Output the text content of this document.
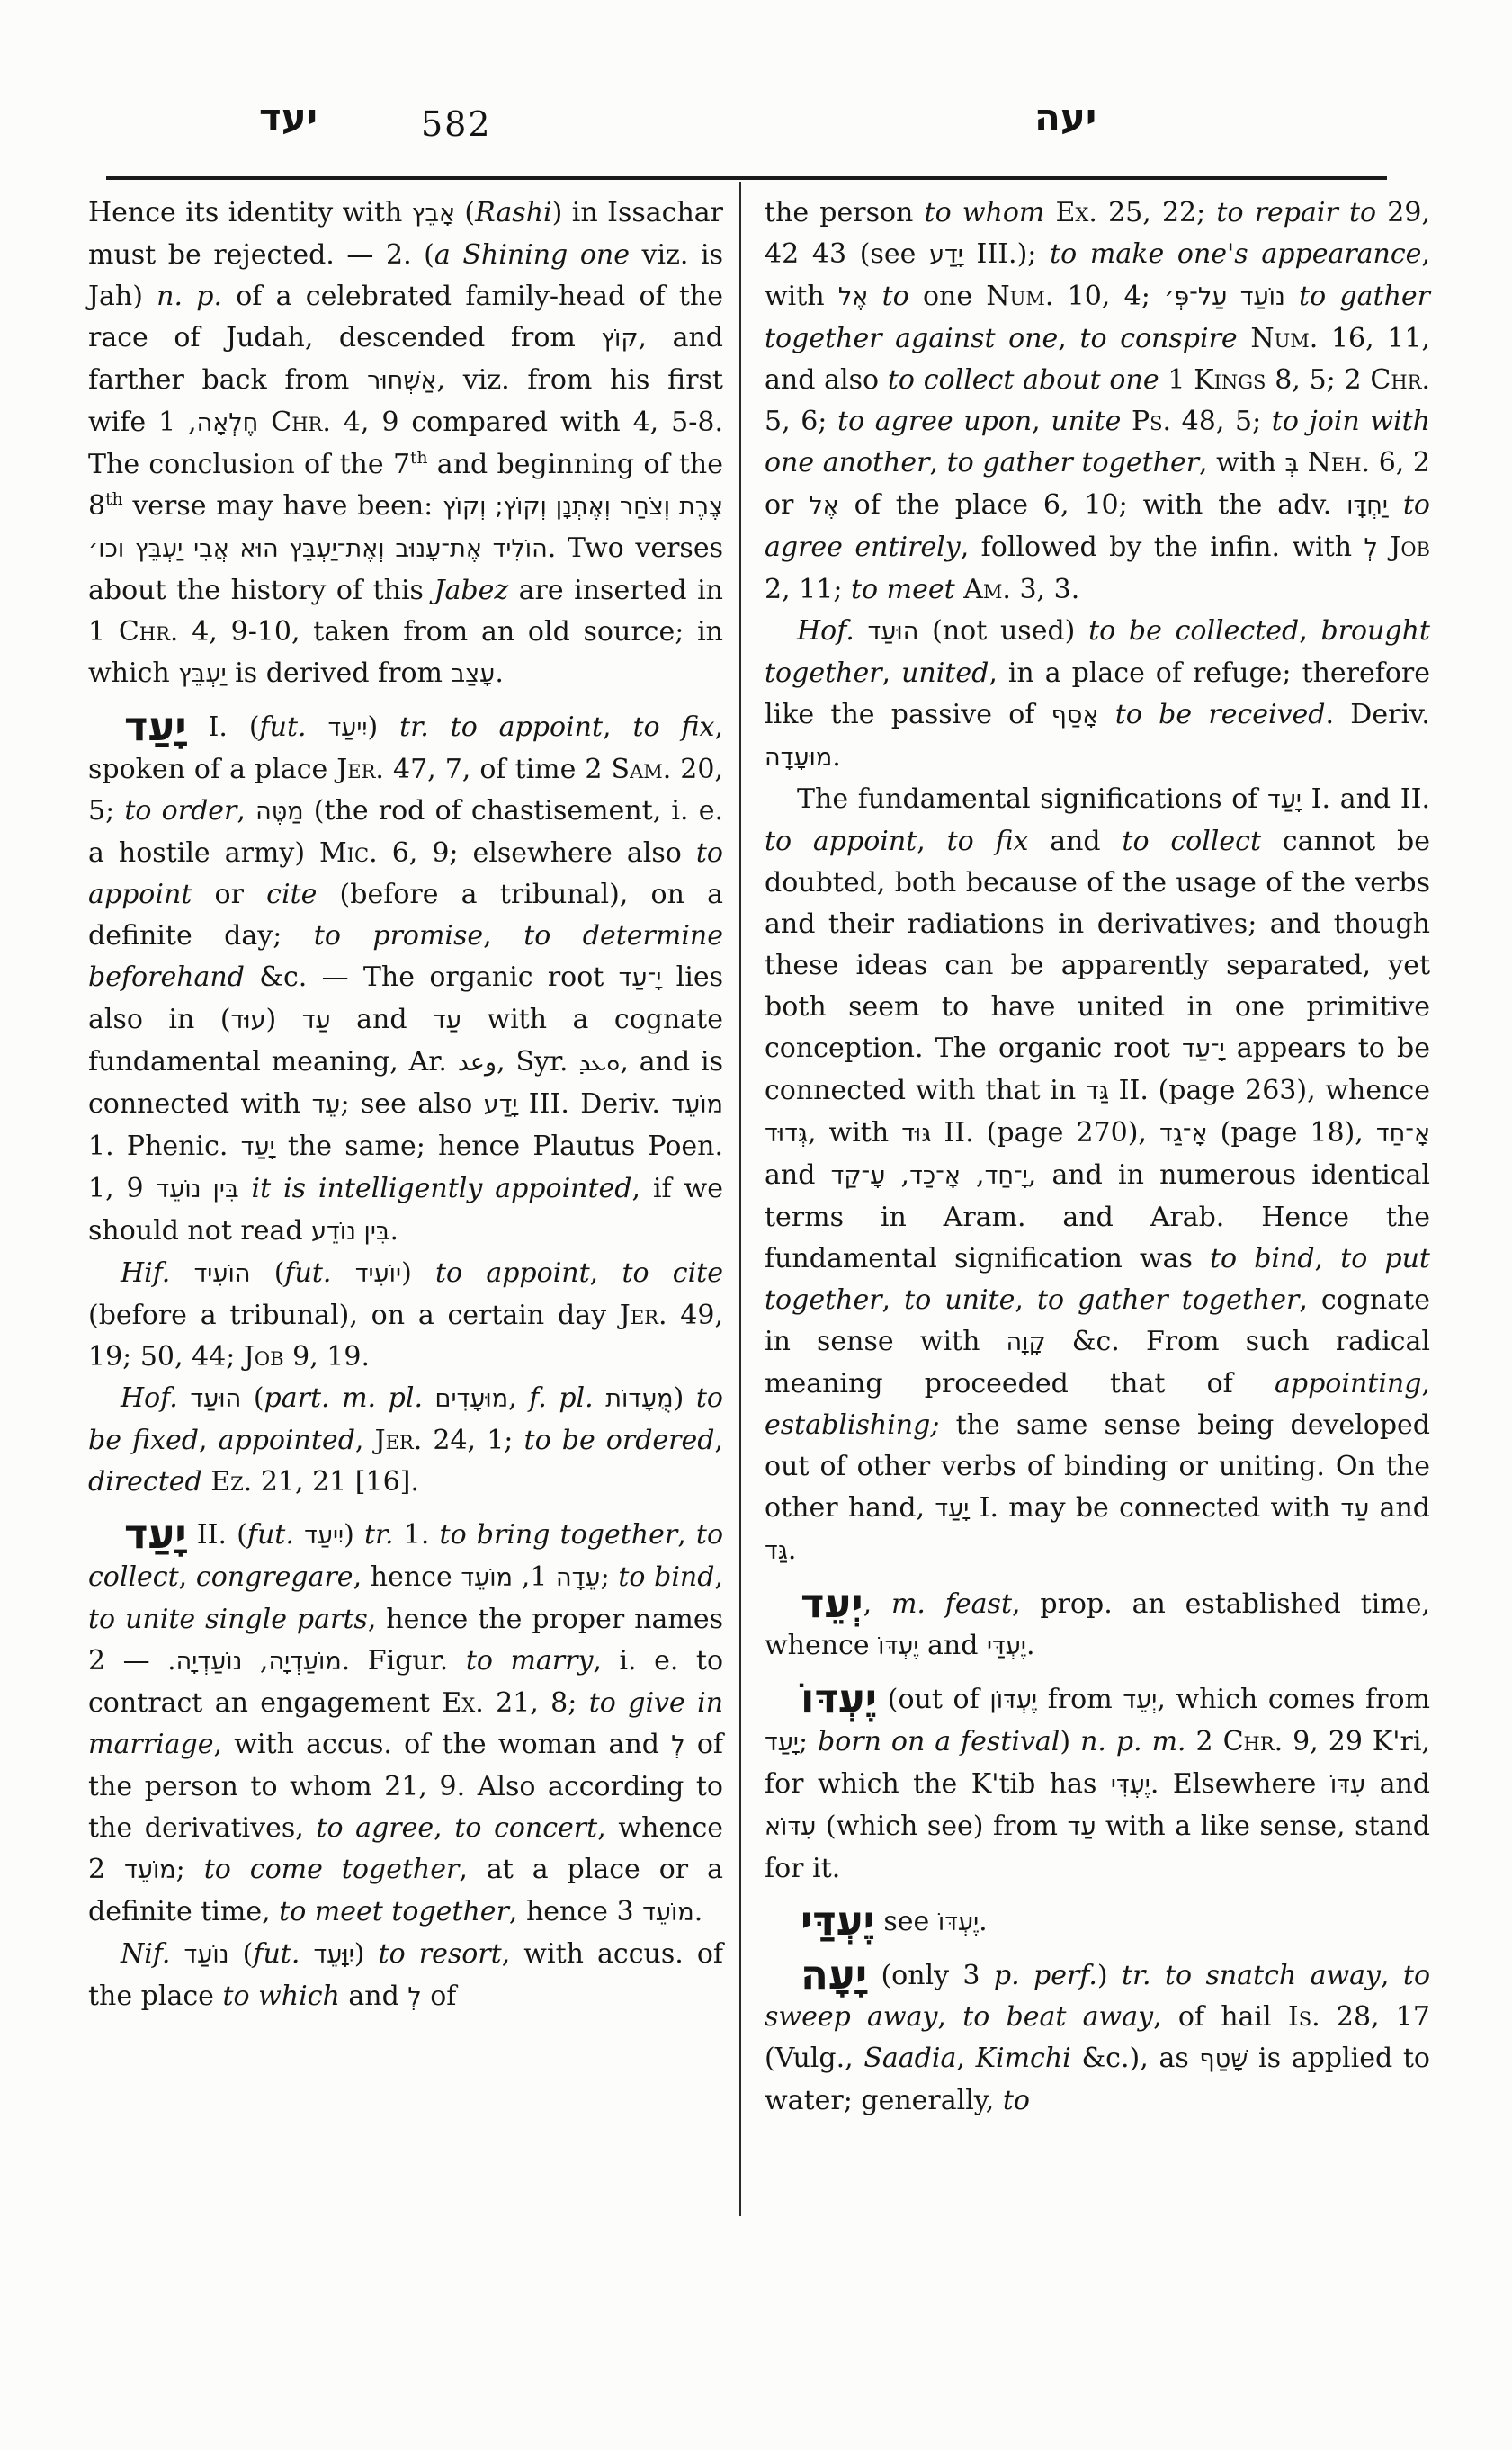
יעד	582	יעה

Hence its identity with אָבֵץ (Rashi) in Issachar must be rejected. — 2. (a Shining one viz. is Jah) n. p. of a celebrated family-head of the race of Judah, descended from קוֹץ, and farther back from אַשְׁחוּר, viz. from his first wife חֶלְאָה, 1 Chr. 4, 9 compared with 4, 5-8. The conclusion of the 7th and beginning of the 8th verse may have been: צֶרֶת וְצֹחַר וְאֶתְנָן וְקוֹץ; וְקוֹץ הוֹלִיד אֶת־עָנוּב וְאֶת־יַעְבֵּץ הוּא אֲבִי יַעְבֵּץ וכו׳. Two verses about the history of this Jabez are inserted in 1 Chr. 4, 9-10, taken from an old source; in which יַעְבֵּץ is derived from עָצַב.

יָעַד I. (fut. יִיעַד) tr. to appoint, to fix, spoken of a place Jer. 47, 7, of time 2 Sam. 20, 5; to order, מַטֶּה (the rod of chastisement, i. e. a hostile army) Mic. 6, 9; elsewhere also to appoint or cite (before a tribunal), on a definite day; to promise, to determine beforehand &c. — The organic root יָ־עַד lies also in	עַד (עוּד) and עַד with a cognate fundamental meaning, Ar. وعد, Syr. ܘܥܕ, and is connected with עֵד; see also יָדַע III. Deriv. מוֹעֵד 1. Phenic. יָעַד the same; hence Plautus Poen. 1, 9 בִּין נוֹעֵד it is intelligently appointed, if we should not read בִּין נוֹדֵע.

Hif. הוֹעִיד (fut. יוֹעִיד) to appoint, to cite (before a tribunal), on a certain day Jer. 49, 19; 50, 44; Job 9, 19.

Hof. הוּעַד (part. m. pl. מוּעָדִים, f. pl. מֻעָדוֹת) to be fixed, appointed, Jer. 24, 1; to be ordered, directed Ez. 21, 21 [16].

יָעַד II. (fut. יִיעַד) tr. 1. to bring together, to collect, congregare, hence	עֵדָה 1, מוֹעֵד	; to bind, to unite single parts, hence the proper names מוֹעַדְיָה, נוֹעַדְיָה. — 2. Figur. to marry, i. e. to contract an engagement Ex. 21, 8; to give in marriage, with accus. of the woman and לְ of the person to whom 21, 9. Also according to the derivatives, to agree, to concert, whence מוֹעֵד 2; to come together, at a place or a definite time, to meet together, hence מוֹעֵד 3.

Nif. נוֹעַד (fut. יִוָּעֵד) to resort, with accus. of the place to which and לְ of

the person to whom Ex. 25, 22; to repair to 29, 42 43 (see יָדַע III.); to make one's appearance, with אֶל to one Num. 10, 4; נוֹעַד עַל־פְּ׳ to gather together against one, to conspire Num. 16, 11, and also to collect about one 1 Kings 8, 5; 2 Chr. 5, 6; to agree upon, unite Ps. 48, 5; to join with one another, to gather together, with בְּ Neh. 6, 2 or אֶל of the place 6, 10; with the adv. יַחְדָּו to agree entirely, followed by the infin. with לְ Job 2, 11; to meet Am. 3, 3.

Hof. הוּעַד (not used) to be collected, brought together, united, in a place of refuge; therefore like the passive of אָסַף to be received. Deriv. מוּעָדָה.

The fundamental significations of יָעַד I. and II. to appoint, to fix and to collect cannot be doubted, both because of the usage of the verbs and their radiations in derivatives; and though these ideas can be apparently separated, yet both seem to have united in one primitive conception. The organic root יָ־עַד appears to be connected with that in גַּד II. (page 263), whence גְּדוּד, with גּוּד II. (page 270), אָ־גַד (page 18), אָ־חַד and	יָ־חַד, אָ־כַד, עָ־קַד	, and in numerous identical terms in Aram. and Arab. Hence the fundamental signification was to bind, to put together, to unite, to gather together, cognate in sense with קָוָה &c. From such radical meaning proceeded that of appointing, establishing; the same sense being developed out of other verbs of binding or uniting. On the other hand, יָעַד I. may be connected with עַד and גַּד.

יְעֵד, m. feast, prop. an established time, whence יֶעְדּוֹ and יֶעְדַּי.

יֶעְדּוֹ (out of יֶעְדּוֹן from יְעֵד, which comes from יָעַד; born on a festival) n. p. m. 2 Chr. 9, 29 K'ri, for which the K'tib has יֶעְדִּי. Elsewhere עִדּוֹ and עִדּוֹא (which see) from עַד with a like sense, stand for it.

יֶעְדַּי see יֶעְדּוֹ.

יָעָה (only 3 p. perf.) tr. to snatch away, to sweep away, to beat away, of hail Is. 28, 17 (Vulg., Saadia, Kimchi &c.), as שָׁטַף is applied to water; generally, to
